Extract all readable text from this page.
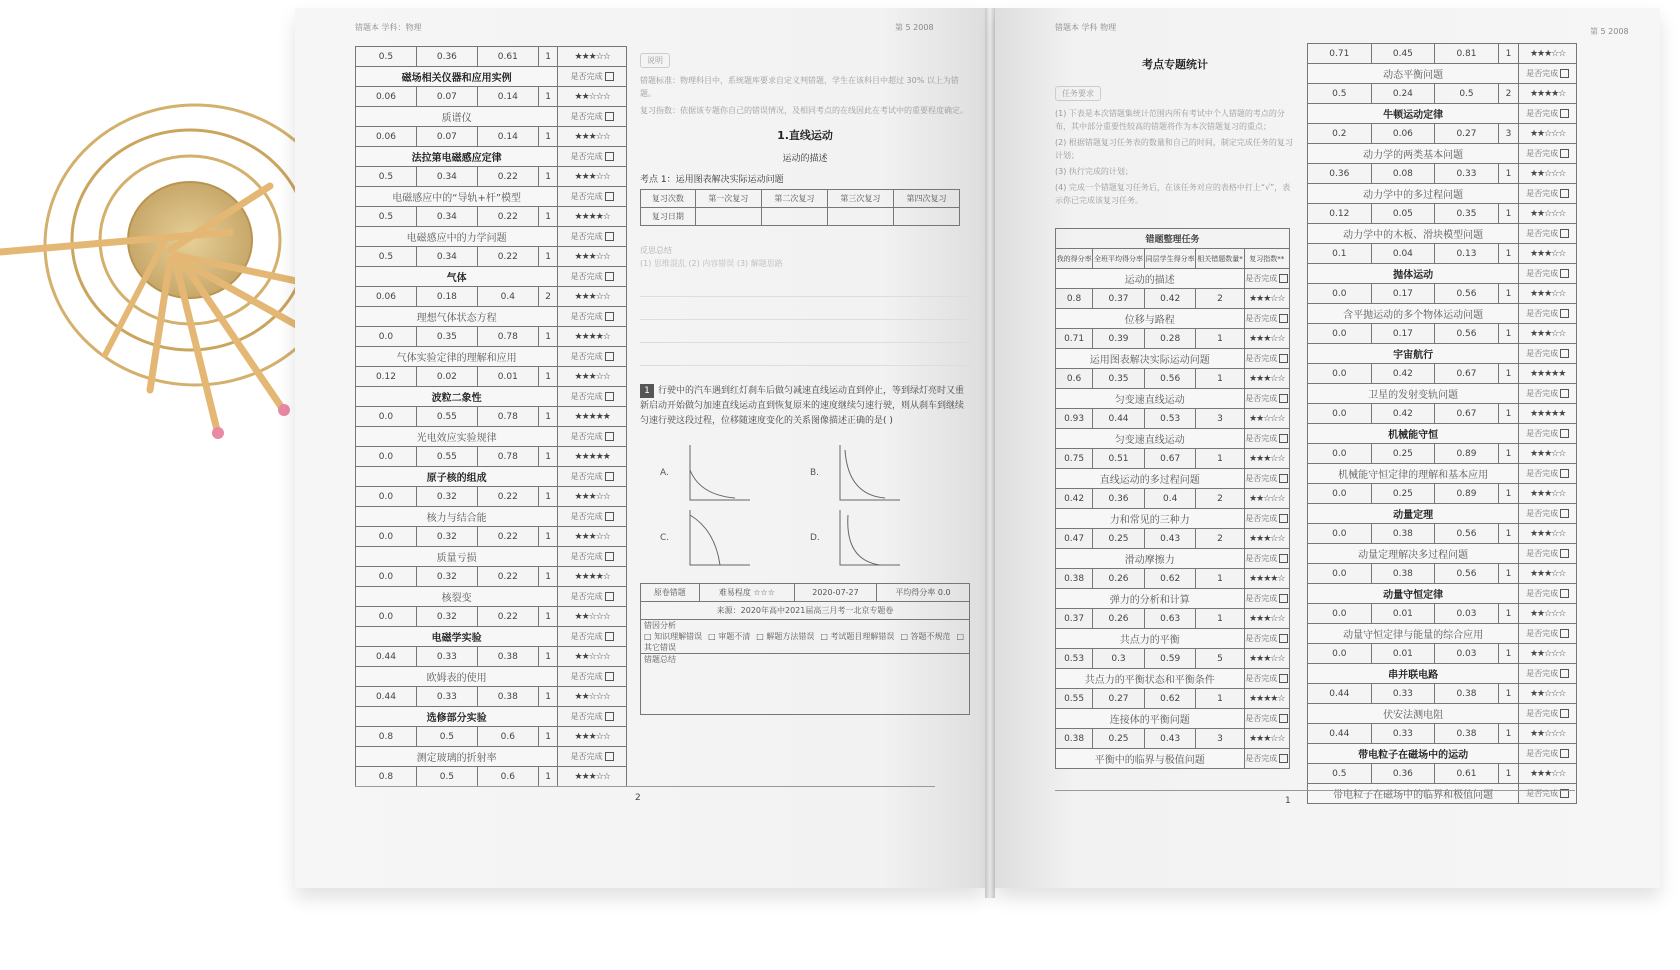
错题本 学科：物理	第 5 2008
0.5	0.36	0.61	1	★★★☆☆
磁场相关仪器和应用实例				是否完成
0.06	0.07	0.14	1	★★☆☆☆
质谱仪				是否完成
0.06	0.07	0.14	1	★★★☆☆
法拉第电磁感应定律				是否完成
0.5	0.34	0.22	1	★★★☆☆
电磁感应中的“导轨+杆”模型				是否完成
0.5	0.34	0.22	1	★★★★☆
电磁感应中的力学问题				是否完成
0.5	0.34	0.22	1	★★★☆☆
气体				是否完成
0.06	0.18	0.4	2	★★★☆☆
理想气体状态方程				是否完成
0.0	0.35	0.78	1	★★★★☆
气体实验定律的理解和应用				是否完成
0.12	0.02	0.01	1	★★★☆☆
波粒二象性				是否完成
0.0	0.55	0.78	1	★★★★★
光电效应实验规律				是否完成
0.0	0.55	0.78	1	★★★★★
原子核的组成				是否完成
0.0	0.32	0.22	1	★★★☆☆
核力与结合能				是否完成
0.0	0.32	0.22	1	★★★☆☆
质量亏损				是否完成
0.0	0.32	0.22	1	★★★★☆
核裂变				是否完成
0.0	0.32	0.22	1	★★☆☆☆
电磁学实验				是否完成
0.44	0.33	0.38	1	★★☆☆☆
欧姆表的使用				是否完成
0.44	0.33	0.38	1	★★☆☆☆
选修部分实验				是否完成
0.8	0.5	0.6	1	★★★☆☆
测定玻璃的折射率				是否完成
0.8	0.5	0.6	1	★★★☆☆
说明
错题标准：物理科目中，系统题库要求自定义判错题，学生在该科目中超过 30% 以上为错题。
复习指数：依据该专题你自己的错误情况，及相同考点的在线因此在考试中的重要程度确定。
1.直线运动
运动的描述
考点 1：运用图表解决实际运动问题
复习次数	第一次复习	第二次复习	第三次复习	第四次复习
复习日期				
反思总结
(1) 思维混乱 (2) 内容错误 (3) 解题思路
1 行驶中的汽车遇到红灯刹车后做匀减速直线运动直到停止，等到绿灯亮时又重新启动开始做匀加速直线运动直到恢复原来的速度继续匀速行驶，则从刹车到继续匀速行驶这段过程，位移随速度变化的关系图像描述正确的是( )
A.	B.
C.	D.
原卷错题	难易程度 ☆☆☆	2020-07-27	平均得分率 0.0
来源：2020年高中2021届高三月考一北京专题卷

错因分析
□ 知识理解错误 □ 审题不清 □ 解题方法错误 □ 考试题目理解错误 □ 答题不规范 □ 其它错误

错题总结
2
错题本 学科 物理	第 5 2008
考点专题统计
任务要求
(1) 下表是本次错题集统计范围内所有考试中个人错题的考点的分布，其中部分重要性较高的错题将作为本次错题复习的重点；
(2) 根据错题复习任务表的数量和自己的时间，制定完成任务的复习计划；
(3) 执行完成的计划；
(4) 完成一个错题复习任务后，在该任务对应的表格中打上“√”，表示你已完成该复习任务。
错题整理任务				
我的得分率	全班平均得分率	同层学生得分率	相关错题数量*	复习指数**
运动的描述				是否完成
0.8	0.37	0.42	2	★★★☆☆
位移与路程				是否完成
0.71	0.39	0.28	1	★★★☆☆
运用图表解决实际运动问题				是否完成
0.6	0.35	0.56	1	★★★☆☆
匀变速直线运动				是否完成
0.93	0.44	0.53	3	★★☆☆☆
匀变速直线运动				是否完成
0.75	0.51	0.67	1	★★★☆☆
直线运动的多过程问题				是否完成
0.42	0.36	0.4	2	★★☆☆☆
力和常见的三种力				是否完成
0.47	0.25	0.43	2	★★★☆☆
滑动摩擦力				是否完成
0.38	0.26	0.62	1	★★★★☆
弹力的分析和计算				是否完成
0.37	0.26	0.63	1	★★★☆☆
共点力的平衡				是否完成
0.53	0.3	0.59	5	★★★☆☆
共点力的平衡状态和平衡条件				是否完成
0.55	0.27	0.62	1	★★★★☆
连接体的平衡问题				是否完成
0.38	0.25	0.43	3	★★★☆☆
平衡中的临界与极值问题				是否完成
0.71	0.45	0.81	1	★★★☆☆
动态平衡问题				是否完成
0.5	0.24	0.5	2	★★★★☆
牛顿运动定律				是否完成
0.2	0.06	0.27	3	★★☆☆☆
动力学的两类基本问题				是否完成
0.36	0.08	0.33	1	★★☆☆☆
动力学中的多过程问题				是否完成
0.12	0.05	0.35	1	★★☆☆☆
动力学中的木板、滑块模型问题				是否完成
0.1	0.04	0.13	1	★★★☆☆
抛体运动				是否完成
0.0	0.17	0.56	1	★★★☆☆
含平抛运动的多个物体运动问题				是否完成
0.0	0.17	0.56	1	★★★☆☆
宇宙航行				是否完成
0.0	0.42	0.67	1	★★★★★
卫星的发射变轨问题				是否完成
0.0	0.42	0.67	1	★★★★★
机械能守恒				是否完成
0.0	0.25	0.89	1	★★★☆☆
机械能守恒定律的理解和基本应用				是否完成
0.0	0.25	0.89	1	★★★☆☆
动量定理				是否完成
0.0	0.38	0.56	1	★★★☆☆
动量定理解决多过程问题				是否完成
0.0	0.38	0.56	1	★★★☆☆
动量守恒定律				是否完成
0.0	0.01	0.03	1	★★☆☆☆
动量守恒定律与能量的综合应用				是否完成
0.0	0.01	0.03	1	★★☆☆☆
串并联电路				是否完成
0.44	0.33	0.38	1	★★☆☆☆
伏安法测电阻				是否完成
0.44	0.33	0.38	1	★★☆☆☆
带电粒子在磁场中的运动				是否完成
0.5	0.36	0.61	1	★★★☆☆
带电粒子在磁场中的临界和极值问题				是否完成
1
